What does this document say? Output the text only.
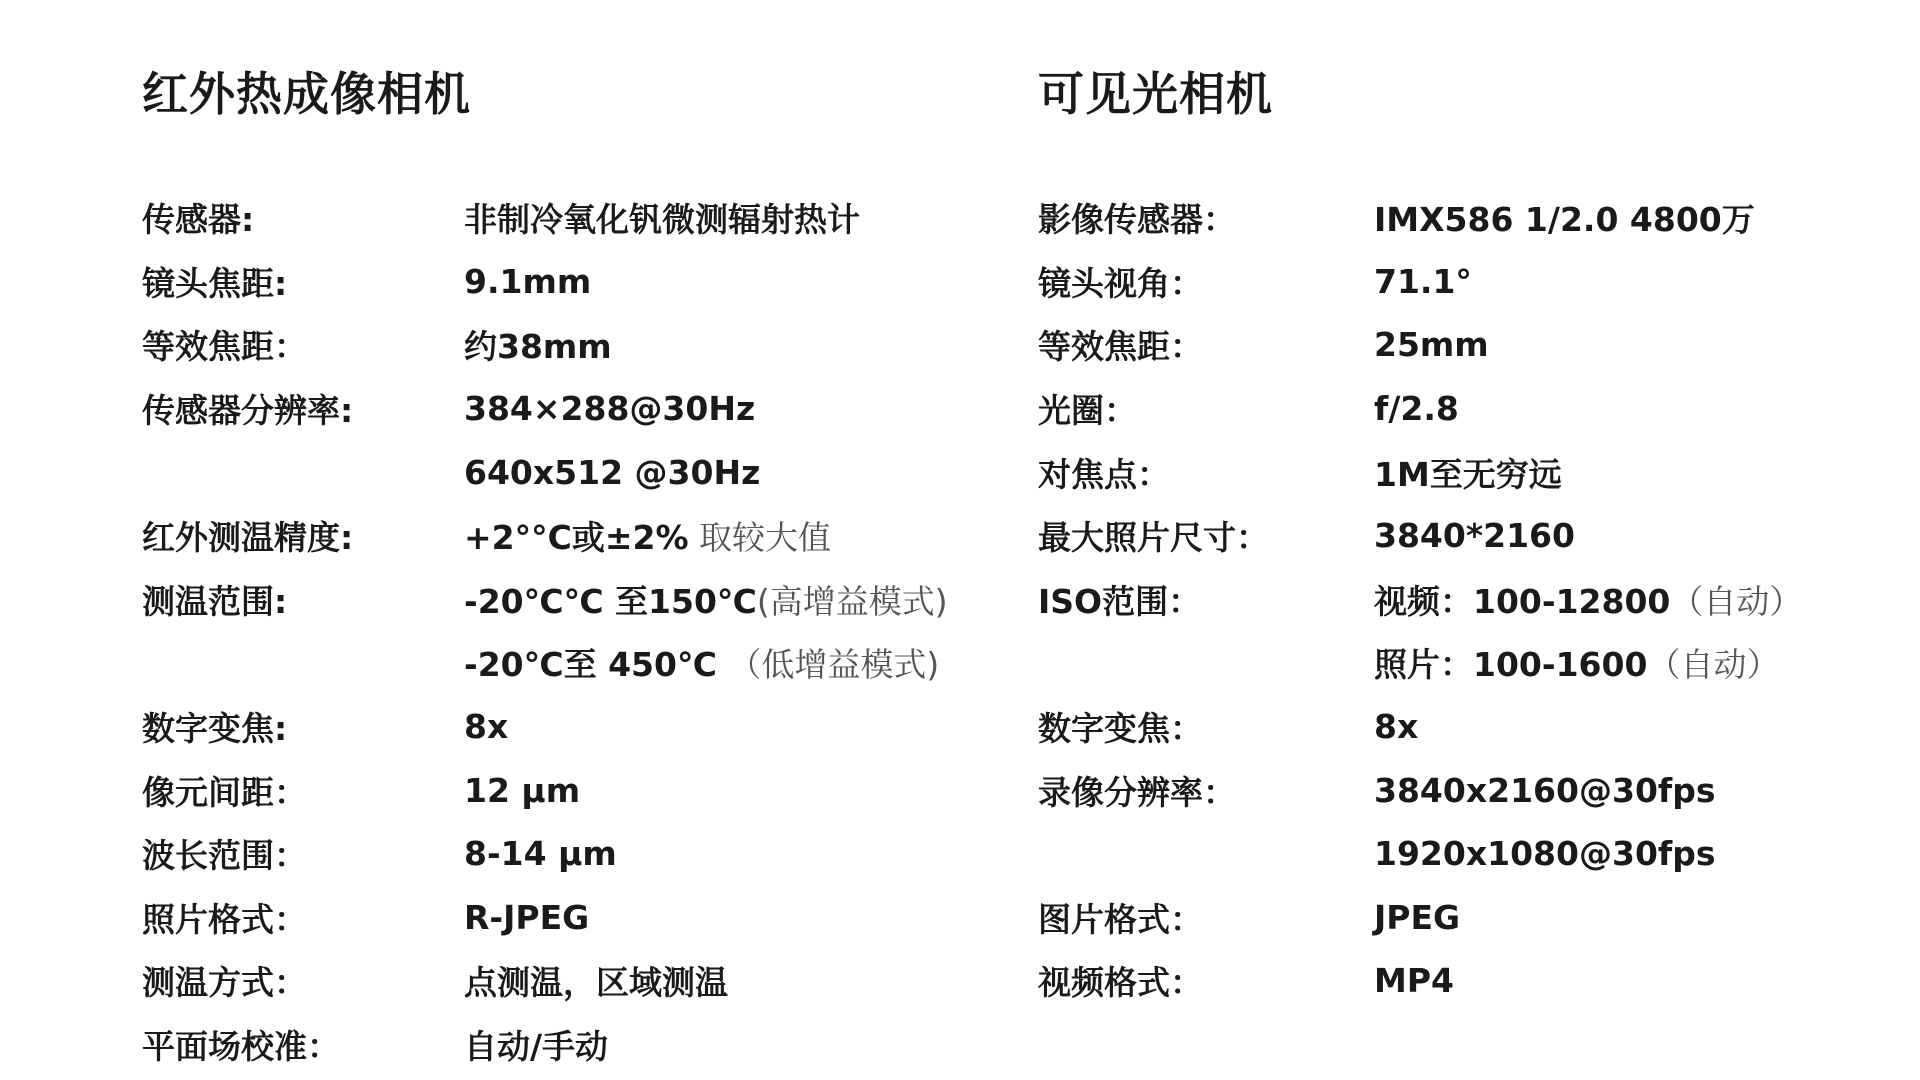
红外热成像相机
传感器:	非制冷氧化钒微测辐射热计
镜头焦距:	9.1mm
等效焦距：	约38mm
传感器分辨率:	384×288@30Hz
640x512 @30Hz
红外测温精度:	+2°°C或±2% 取较大值
测温范围:	-20℃℃ 至150℃(高增益模式)
-20℃至 450℃ （低增益模式)
数字变焦:	8x
像元间距：	12 μm
波长范围：	8-14 μm
照片格式：	R-JPEG
测温方式：	点测温，区域测温
平面场校准：	自动/手动
可见光相机
影像传感器：	IMX586 1/2.0 4800万
镜头视角：	71.1°
等效焦距：	25mm
光圈：	f/2.8
对焦点：	1M至无穷远
最大照片尺寸：	3840*2160
ISO范围：	视频：100-12800（自动）
照片：100-1600（自动）
数字变焦：	8x
录像分辨率：	3840x2160@30fps
1920x1080@30fps
图片格式：	JPEG
视频格式：	MP4
